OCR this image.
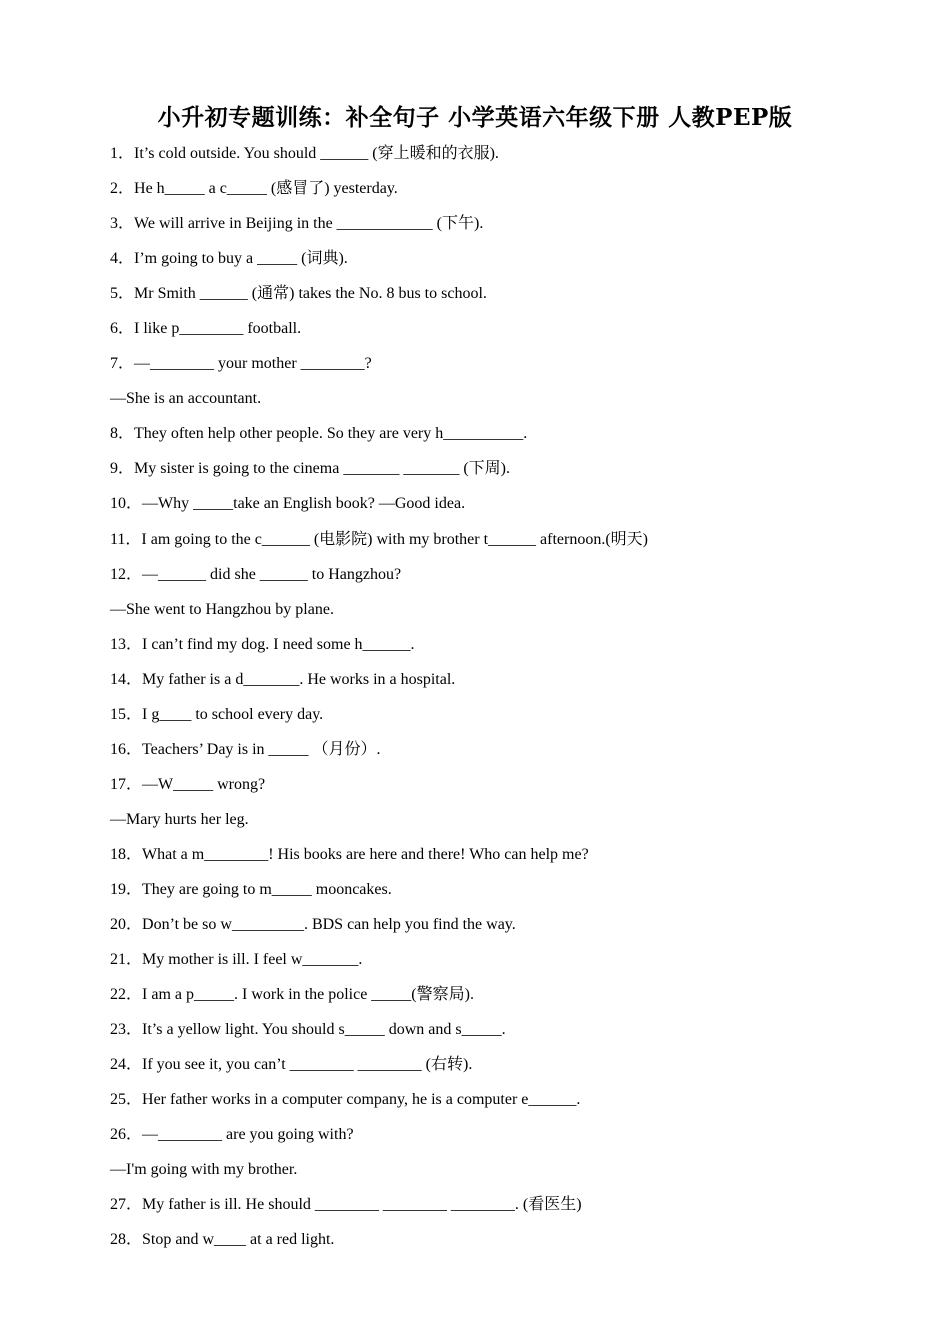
小升初专题训练：补全句子 小学英语六年级下册 人教PEP版
1．It’s cold outside. You should ______ (穿上暖和的衣服).
2．He h_____ a c_____ (感冒了) yesterday.
3．We will arrive in Beijing in the ____________ (下午).
4．I’m going to buy a _____ (词典).
5．Mr Smith ______ (通常) takes the No. 8 bus to school.
6．I like p________ football.
7．—________ your mother ________?
—She is an accountant.
8．They often help other people. So they are very h__________.
9．My sister is going to the cinema _______ _______ (下周).
10．—Why _____take an English book? —Good idea.
11．I am going to the c______ (电影院) with my brother t______ afternoon.(明天)
12．—______ did she ______ to Hangzhou?
—She went to Hangzhou by plane.
13．I can’t find my dog. I need some h______.
14．My father is a d_______. He works in a hospital.
15．I g____ to school every day.
16．Teachers’ Day is in _____ （月份）.
17．—W_____ wrong?
—Mary hurts her leg.
18．What a m________! His books are here and there! Who can help me?
19．They are going to m_____ mooncakes.
20．Don’t be so w_________. BDS can help you find the way.
21．My mother is ill. I feel w_______.
22．I am a p_____. I work in the police _____(警察局).
23．It’s a yellow light. You should s_____ down and s_____.
24．If you see it, you can’t ________ ________ (右转).
25．Her father works in a computer company, he is a computer e______.
26．—________ are you going with?
—I'm going with my brother.
27．My father is ill. He should ________ ________ ________. (看医生)
28．Stop and w____ at a red light.
